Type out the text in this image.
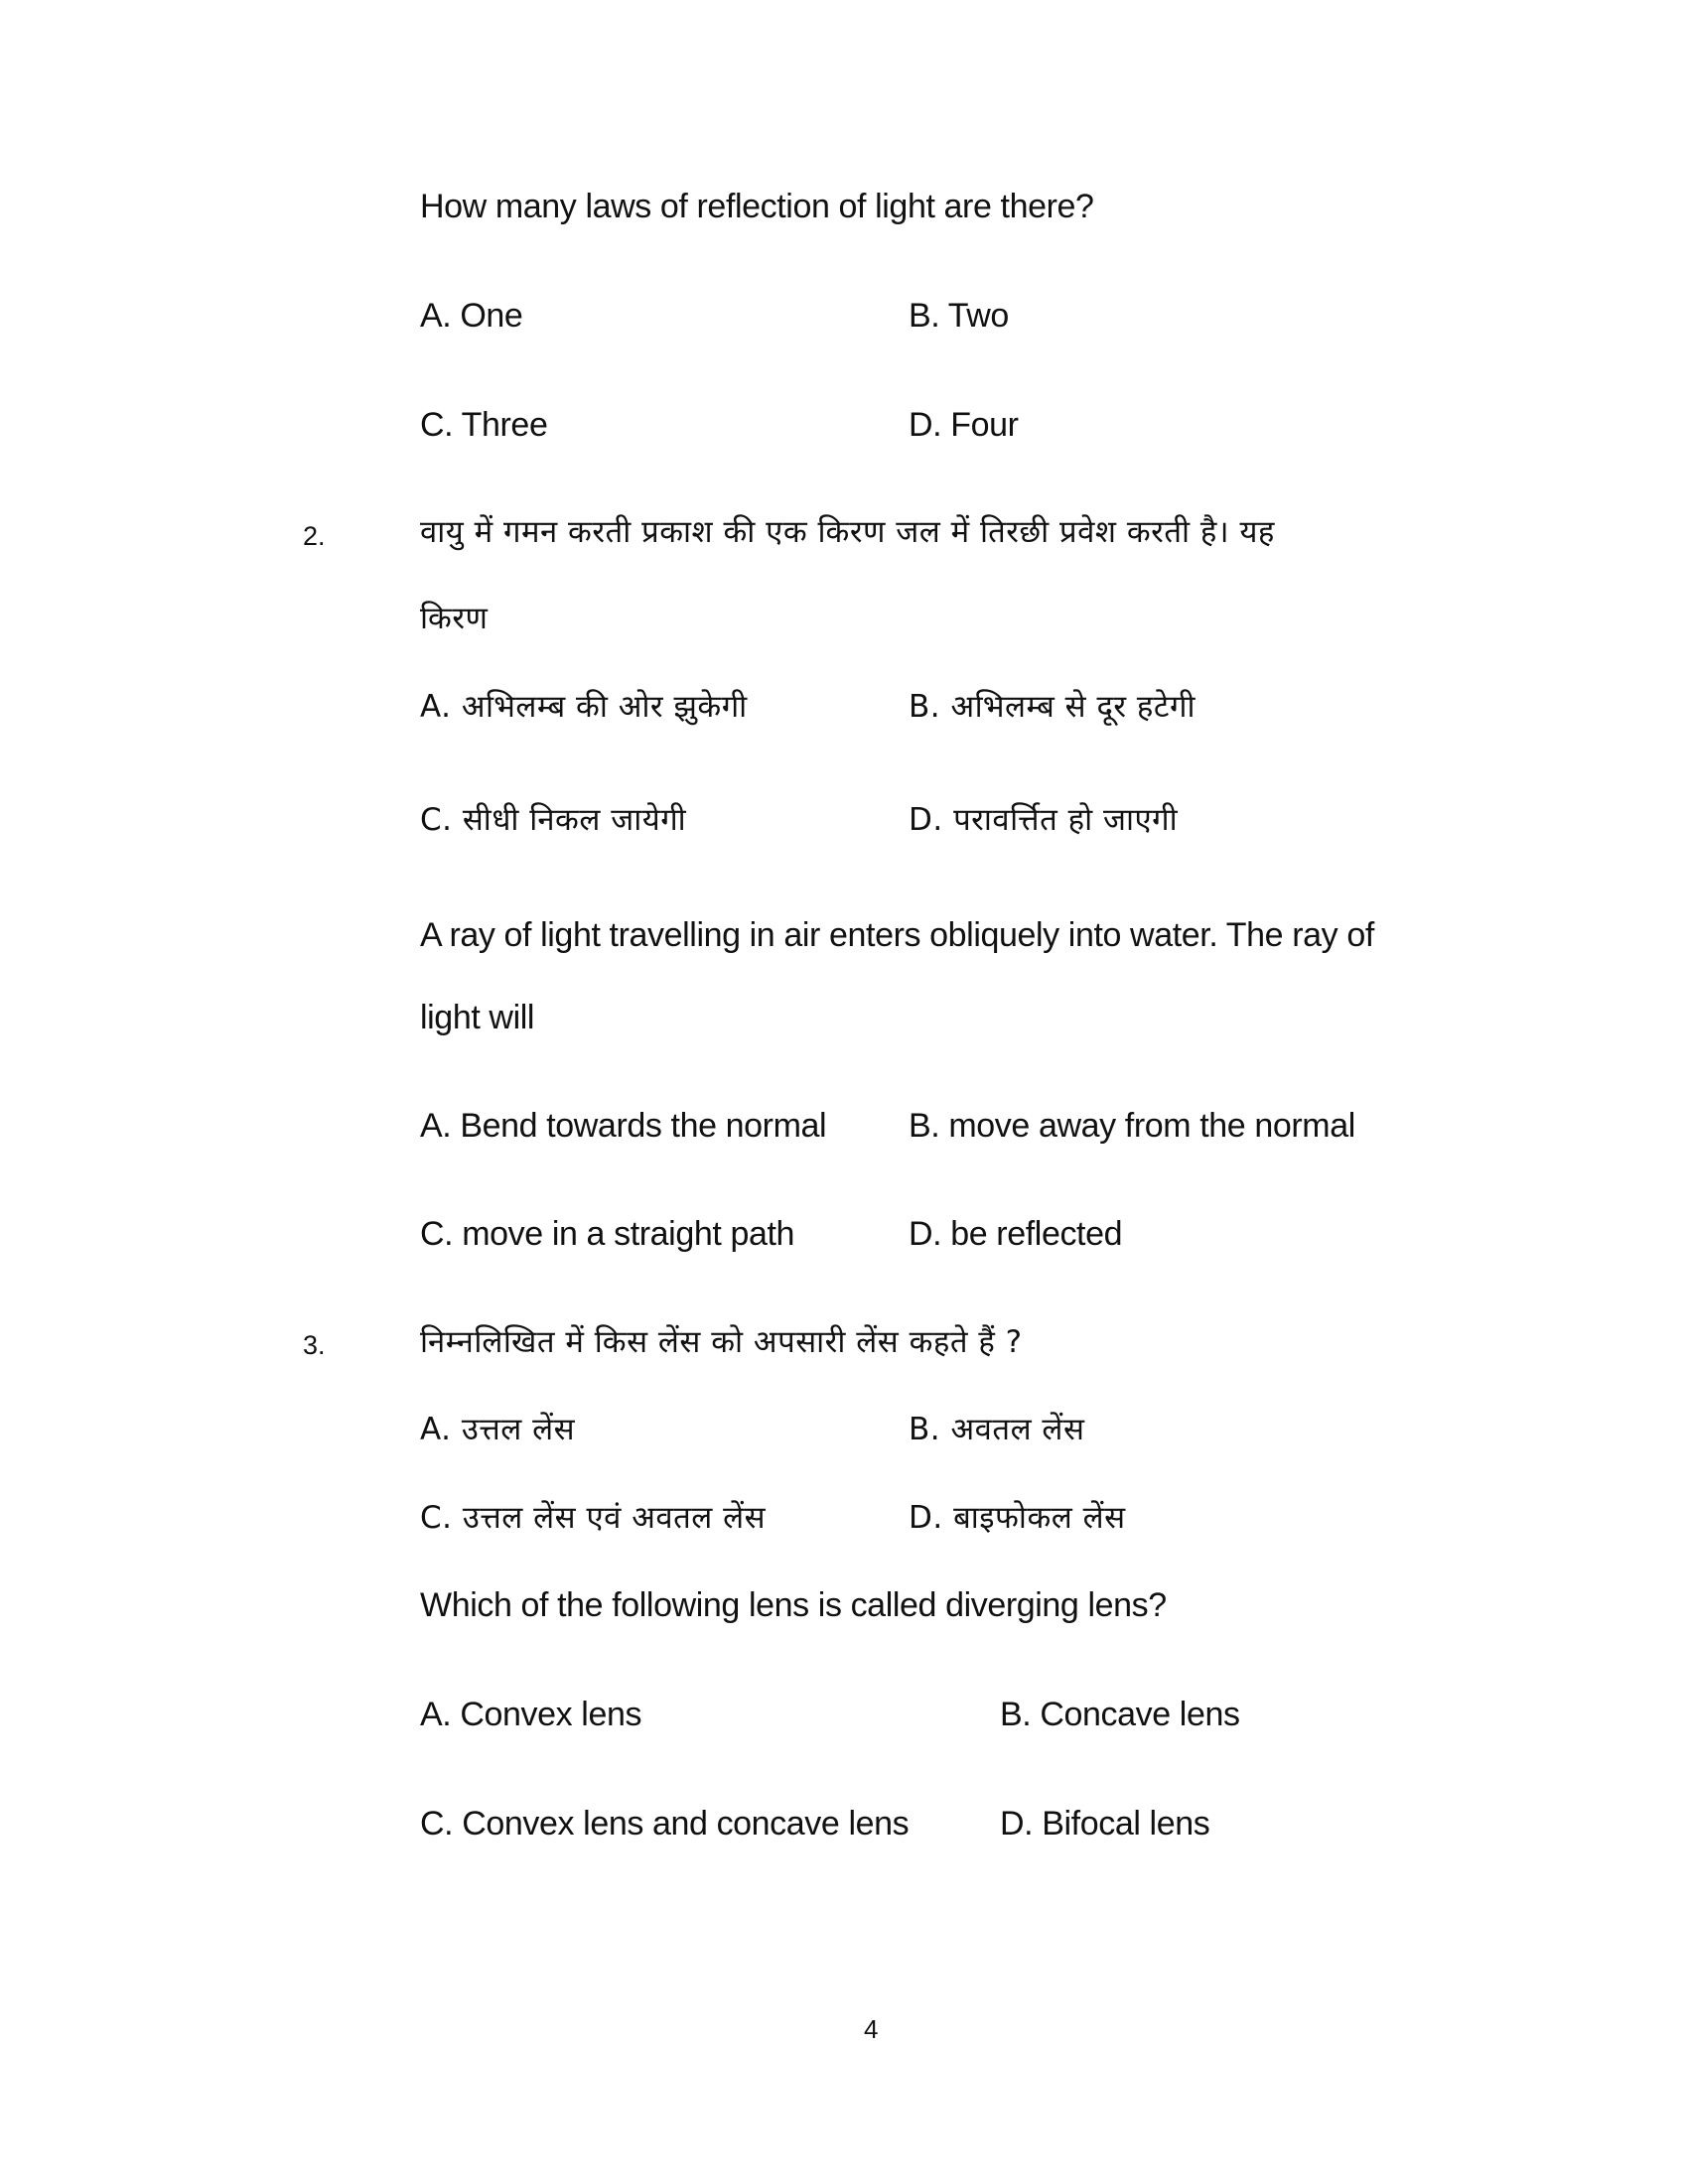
How many laws of reflection of light are there?
A. One	B. Two
C. Three	D. Four
2.	वायु में गमन करती प्रकाश की एक किरण जल में तिरछी प्रवेश करती है। यह
किरण
A. अभिलम्ब की ओर झुकेगी	B. अभिलम्ब से दूर हटेगी
C. सीधी निकल जायेगी	D. परावर्त्तित हो जाएगी
A ray of light travelling in air enters obliquely into water. The ray of
light will
A. Bend towards the normal B. move away from the normal
C. move in a straight path	D. be reflected
3.	निम्नलिखित में किस लेंस को अपसारी लेंस कहते हैं ?
A. उत्तल लेंस	B. अवतल लेंस
C. उत्तल लेंस एवं अवतल लेंस	D. बाइफोकल लेंस
Which of the following lens is called diverging lens?
A. Convex lens	B. Concave lens
C. Convex lens and concave lens	D. Bifocal lens
4
